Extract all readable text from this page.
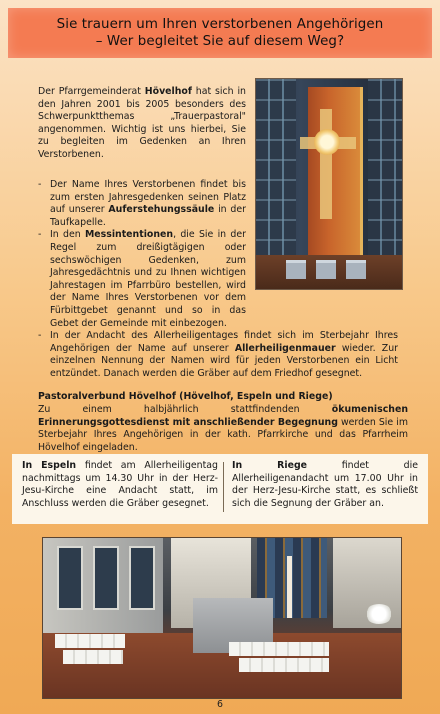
Sie trauern um Ihren verstorbenen Angehörigen
– Wer begleitet Sie auf diesem Weg?

Der Pfarrgemeinderat Hövelhof hat sich in den Jahren 2001 bis 2005 besonders des Schwerpunktthemas „Trauerpastoral" angenommen. Wichtig ist uns hierbei, Sie zu begleiten im Gedenken an Ihren Verstorbenen.

- Der Name Ihres Verstorbenen findet bis zum ersten Jahresgedenken seinen Platz auf unserer Auferstehungssäule in der Taufkapelle.
- In den Messintentionen, die Sie in der Regel zum dreißigtägigen oder sechswöchigen Gedenken, zum Jahresgedächtnis und zu Ihnen wichtigen Jahrestagen im Pfarrbüro bestellen, wird der Name Ihres Verstorbenen vor dem Fürbittgebet genannt und so in das Gebet der Gemeinde mit einbezogen.
- In der Andacht des Allerheiligentages findet sich im Sterbejahr Ihres Angehörigen der Name auf unserer Allerheiligenmauer wieder. Zur einzelnen Nennung der Namen wird für jeden Verstorbenen ein Licht entzündet. Danach werden die Gräber auf dem Friedhof gesegnet.
Pastoralverbund Hövelhof (Hövelhof, Espeln und Riege)

Zu einem halbjährlich stattfindenden ökumenischen Erinnerungsgottesdienst mit anschließender Begegnung werden Sie im Sterbejahr Ihres Angehörigen in der kath. Pfarrkirche und das Pfarrheim Hövelhof eingeladen.

In Espeln findet am Allerheiligentag nachmittags um 14.30 Uhr in der Herz-Jesu-Kirche eine Andacht statt, im Anschluss werden die Gräber gesegnet.
In Riege findet die Allerheiligenandacht um 17.00 Uhr in der Herz-Jesu-Kirche statt, es schließt sich die Segnung der Gräber an.
6
